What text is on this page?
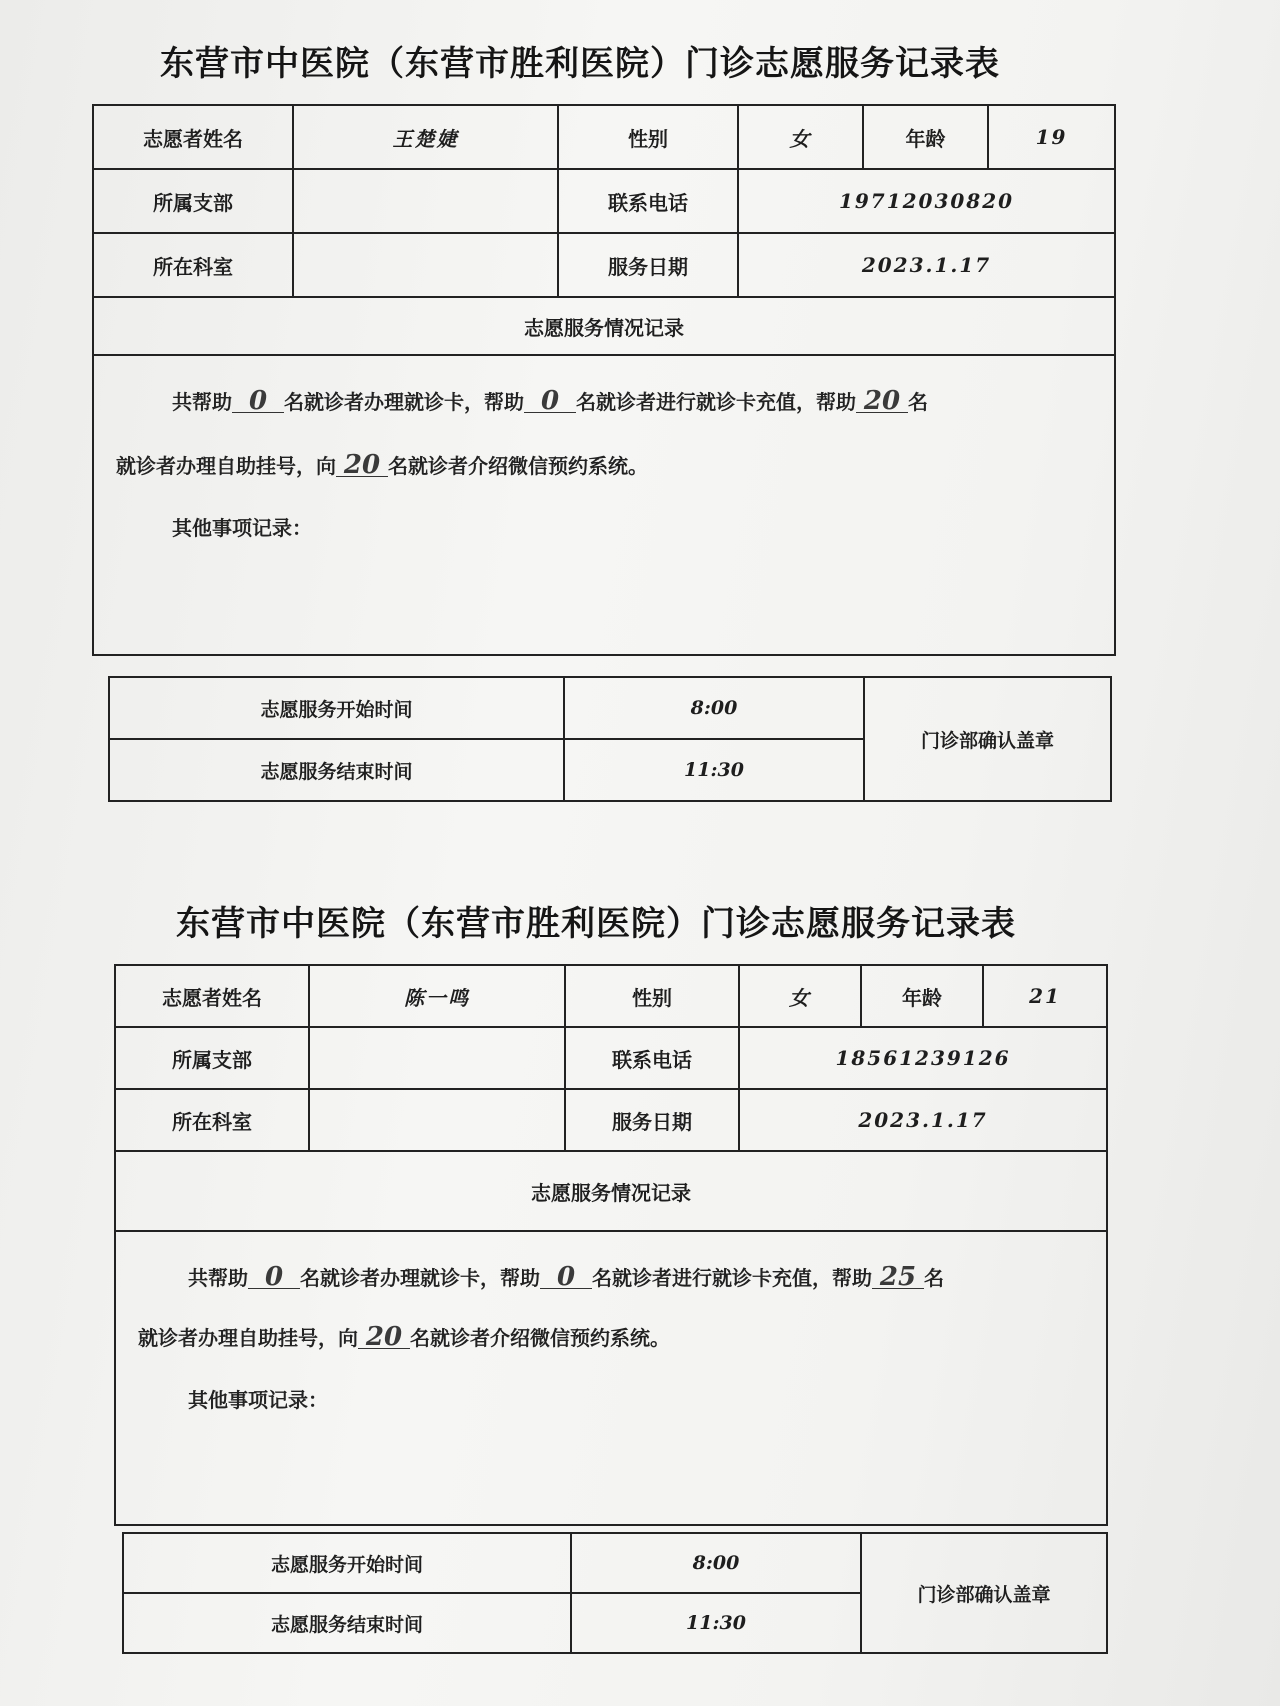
东营市中医院（东营市胜利医院）门诊志愿服务记录表
志愿者姓名	王楚婕	性别	女	年龄	19
所属支部		联系电话	19712030820		
所在科室		服务日期	2023.1.17		
志愿服务情况记录					

共帮助 0 名就诊者办理就诊卡，帮助 0 名就诊者进行就诊卡充值，帮助 20 名
就诊者办理自助挂号，向 20 名就诊者介绍微信预约系统。
其他事项记录：					
志愿服务开始时间	8:00	门诊部确认盖章
志愿服务结束时间	11:30	
东营市中医院（东营市胜利医院）门诊志愿服务记录表
志愿者姓名	陈一鸣	性别	女	年龄	21
所属支部		联系电话	18561239126		
所在科室		服务日期	2023.1.17		
志愿服务情况记录					

共帮助 0 名就诊者办理就诊卡，帮助 0 名就诊者进行就诊卡充值，帮助 25 名
就诊者办理自助挂号，向 20 名就诊者介绍微信预约系统。
其他事项记录：					
志愿服务开始时间	8:00	门诊部确认盖章
志愿服务结束时间	11:30	
